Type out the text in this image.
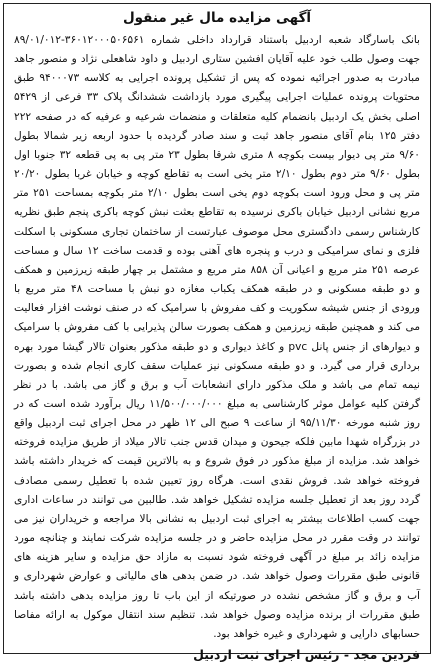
آگهی مزایده مال غیر منقول

بانک باسارگاد شعبه اردبیل باستناد قرارداد داخلی شماره ۳۶۰۱۲۰۰۰۵۰۶۵۶۱-۸۹/۰۱/۰۱۲ جهت وصول طلب خود علیه آقایان افشین ستاری اردبیل و داود شاهعلی نژاد و منصور جاهد مبادرت به صدور اجرائیه نموده که پس از تشکیل پرونده اجرایی به کلاسه ۹۴۰۰۰۷۳ طبق محتویات پرونده عملیات اجرایی پیگیری مورد بازداشت ششدانگ پلاک ۳۳ فرعی از ۵۴۲۹ اصلی بخش یک اردبیل بانضمام کلیه متعلقات و منضمات شرعیه و عرفیه که در صفحه ۲۲۲ دفتر ۱۲۵ بنام آقای منصور جاهد ثبت و سند صادر گردیده با حدود اربعه زیر شمالا بطول ۹/۶۰ متر پی دیوار بیست بکوچه ۸ متری شرقا بطول ۲۳ متر پی به پی قطعه ۳۲ جنوبا اول بطول ۹/۶۰ متر دوم بطول ۲/۱۰ متر یخی است به تقاطع کوچه و خیابان غربا بطول ۲۰/۲۰ متر پی و محل ورود است بکوچه دوم یخی است بطول ۲/۱۰ متر بکوچه بمساحت ۲۵۱ متر مربع نشانی اردبیل خیابان باکری نرسیده به تقاطع بعثت نبش کوچه باکری پنجم طبق نظریه کارشناس رسمی دادگستری محل موصوف عبارتست از ساختمان تجاری مسکونی با اسکلت فلزی و نمای سرامیکی و درب و پنجره های آهنی بوده و قدمت ساخت ۱۲ سال و مساحت عرصه ۲۵۱ متر مربع و اعیانی آن ۸۵۸ متر مربع و مشتمل بر چهار طبقه زیرزمین و همکف و دو طبقه مسکونی و در طبقه همکف یکباب مغازه دو نبش با مساحت ۴۸ متر مربع با ورودی از جنس شیشه سکوریت و کف مفروش با سرامیک که در صنف نوشت افزار فعالیت می کند و همچنین طبقه زیرزمین و همکف بصورت سالن پذیرایی با کف مفروش با سرامیک و دیوارهای از جنس پانل pvc و کاغذ دیواری و دو طبقه مذکور بعنوان تالار گیشا مورد بهره برداری قرار می گیرد. و دو طبقه مسکونی نیز عملیات سقف کاری انجام شده و بصورت نیمه تمام می باشد و ملک مذکور دارای انشعابات آب و برق و گاز می باشد. با در نظر گرفتن کلیه عوامل موثر کارشناسی به مبلغ ۱۱/۵۰۰/۰۰۰/۰۰۰ ریال برآورد شده است که در روز شنبه مورخه ۹۵/۱۱/۳۰ از ساعت ۹ صبح الی ۱۲ ظهر در محل اجرای ثبت اردبیل واقع در بزرگراه شهدا مابین فلکه جیحون و میدان قدس جنب تالار میلاد از طریق مزایده فروخته خواهد شد. مزایده از مبلغ مذکور در فوق شروع و به بالاترین قیمت که خریدار داشته باشد فروخته خواهد شد. فروش نقدی است. هرگاه روز تعیین شده با تعطیل رسمی مصادف گردد روز بعد از تعطیل جلسه مزایده تشکیل خواهد شد. طالبین می توانند در ساعات اداری جهت کسب اطلاعات بیشتر به اجرای ثبت اردبیل به نشانی بالا مراجعه و خریداران نیز می توانند در وقت مقرر در محل مزایده حاضر و در جلسه مزایده شرکت نمایند و چنانچه مورد مزایده زائد بر مبلغ در آگهی فروخته شود نسبت به مازاد حق مزایده و سایر هزینه های قانونی طبق مقررات وصول خواهد شد. در ضمن بدهی های مالیاتی و عوارض شهرداری و آب و برق و گاز مشخص نشده در صورتیکه از این باب تا روز مزایده بدهی داشته باشد طبق مقررات از برنده مزایده وصول خواهد شد. تنظیم سند انتقال موکول به ارائه مفاصا حسابهای دارایی و شهرداری و غیره خواهد بود.

فردین مجد - رئیس اجرای ثبت اردبیل
